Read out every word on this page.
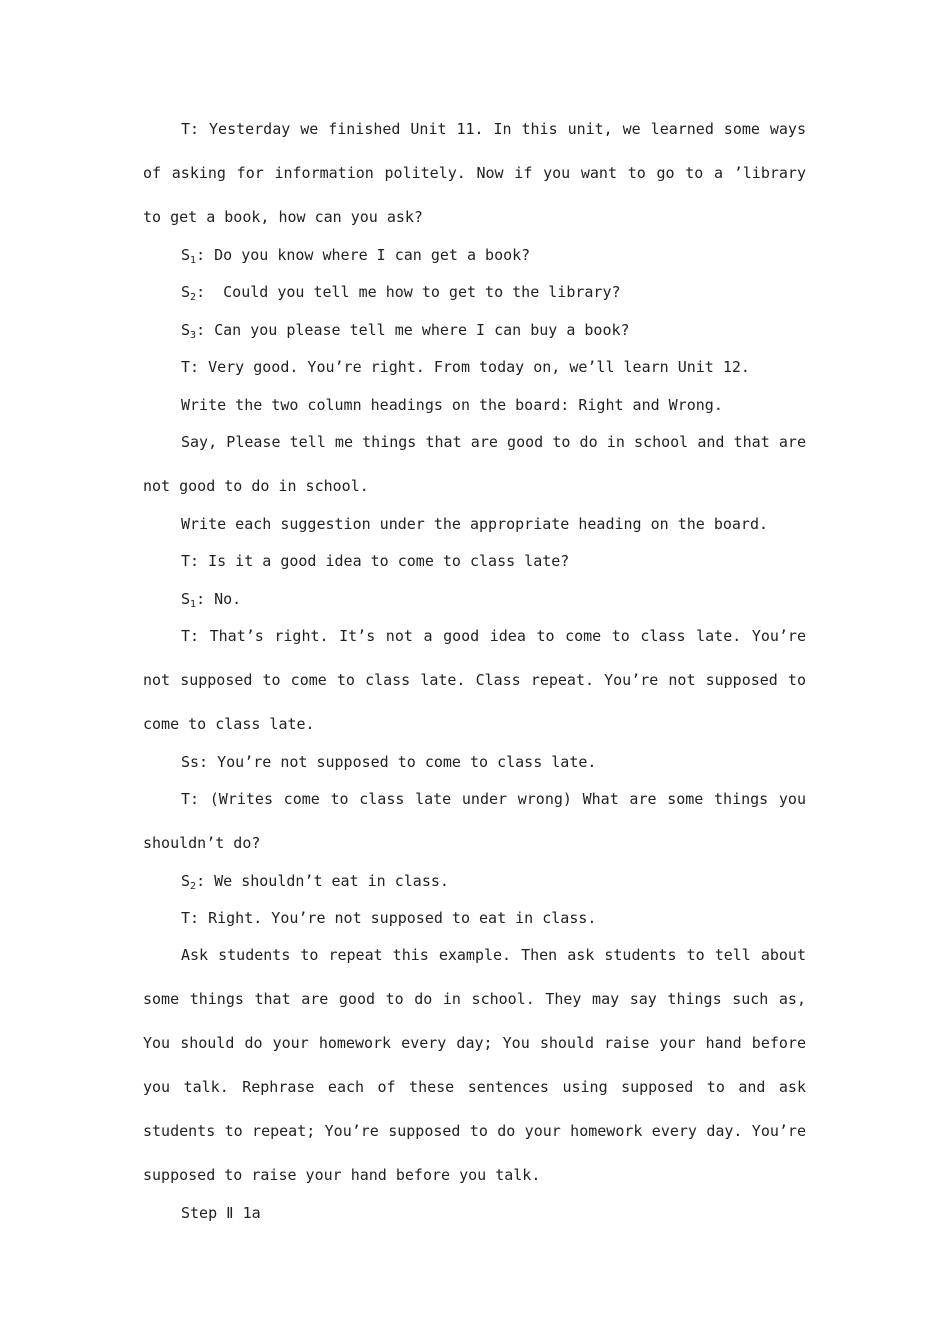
T: Yesterday we finished Unit 11. In this unit, we learned some ways of asking for information politely. Now if you want to go to a ’library to get a book, how can you ask?
$S_1$: Do you know where I can get a book?
$S_2$:  Could you tell me how to get to the library?
$S_3$: Can you please tell me where I can buy a book?
T: Very good. You’re right. From today on, we’ll learn Unit 12.
Write the two column headings on the board: Right and Wrong.
Say, Please tell me things that are good to do in school and that are not good to do in school.
Write each suggestion under the appropriate heading on the board.
T: Is it a good idea to come to class late?
$S_1$: No.
T: That’s right. It’s not a good idea to come to class late. You’re not supposed to come to class late. Class repeat. You’re not supposed to come to class late.
Ss: You’re not supposed to come to class late.
T: (Writes come to class late under wrong) What are some things you shouldn’t do?
$S_2$: We shouldn’t eat in class.
T: Right. You’re not supposed to eat in class.
Ask students to repeat this example. Then ask students to tell about some things that are good to do in school. They may say things such as, You should do your homework every day; You should raise your hand before you talk. Rephrase each of these sentences using supposed to and ask students to repeat; You’re supposed to do your homework every day. You’re supposed to raise your hand before you talk.
Step Ⅱ 1a
